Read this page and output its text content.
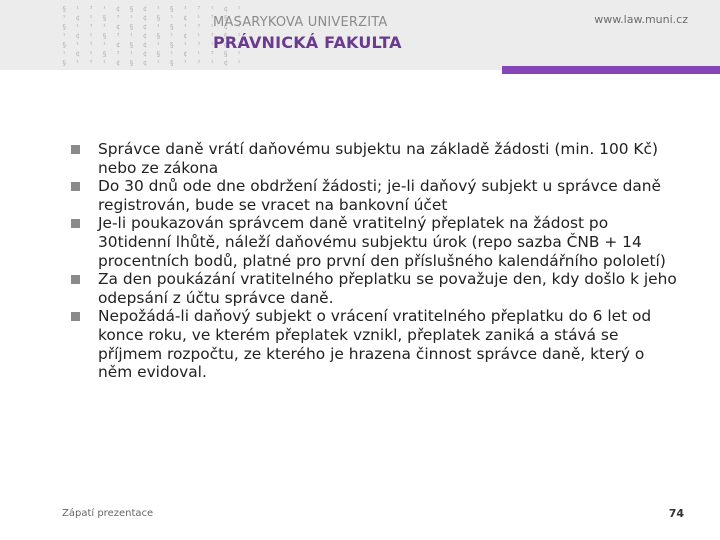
§ ¹ ³ ¹ ¢ § ¢ ¹ § ¹ ³ ¹ ¢ ¹
¹ ¢ ¹ § ³ ¹ ¢ § ¹ ¢ ¹ ³ § ¹
§ ¹ ³ ¹ ¢ § ¢ ¹ § ¹ ³ ¹ ¢ ¹
¹ ¢ ¹ § ³ ¹ ¢ § ¹ ¢ ¹ ³ § ¹
§ ¹ ³ ¹ ¢ § ¢ ¹ § ¹ ³ ¹ ¢ ¹
¹ ¢ ¹ § ³ ¹ ¢ § ¹ ¢ ¹ ³ § ¹
§ ¹ ³ ¹ ¢ § ¢ ¹ § ¹ ³ ¹ ¢ ¹
MASARYKOVA UNIVERZITA
PRÁVNICKÁ FAKULTA
www.law.muni.cz
Správce daně vrátí daňovému subjektu na základě žádosti (min. 100 Kč) nebo ze zákona
Do 30 dnů ode dne obdržení žádosti; je-li daňový subjekt u správce daně registrován, bude se vracet na bankovní účet
Je-li poukazován správcem daně vratitelný přeplatek na žádost po 30tidenní lhůtě, náleží daňovému subjektu úrok (repo sazba ČNB + 14 procentních bodů, platné pro první den příslušného kalendářního pololetí)
Za den poukázání vratitelného přeplatku se považuje den, kdy došlo k jeho odepsání z účtu správce daně.
Nepožádá-li daňový subjekt o vrácení vratitelného přeplatku do 6 let od konce roku, ve kterém přeplatek vznikl, přeplatek zaniká a stává se příjmem rozpočtu, ze kterého je hrazena činnost správce daně, který o něm evidoval.
Zápatí prezentace	74
